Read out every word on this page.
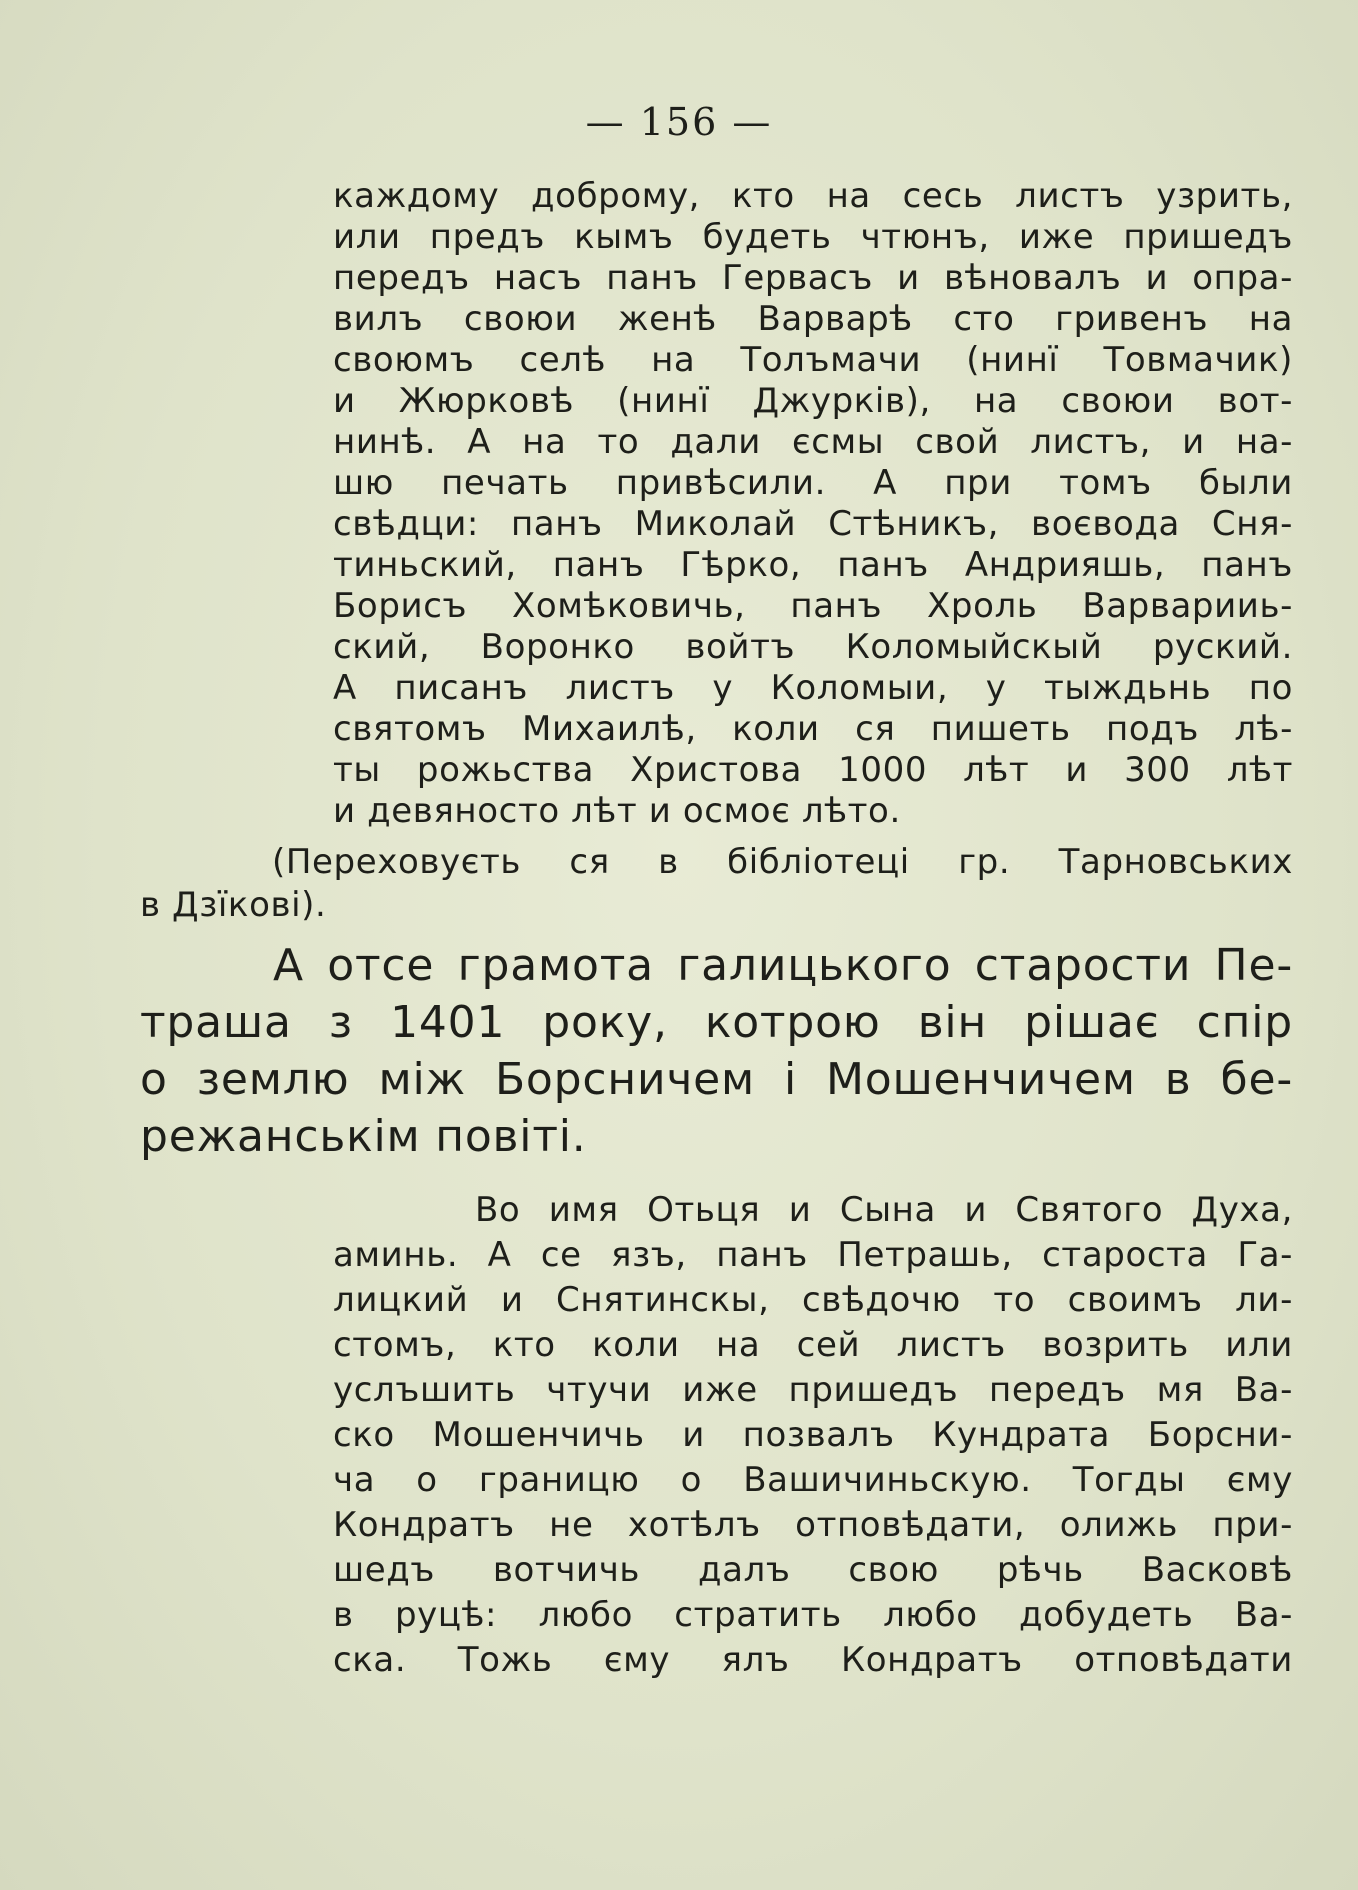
— 156 —
каждому доброму, кто на сесь листъ узрить,
или предъ кымъ будеть чтюнъ, иже пришедъ
передъ насъ панъ Гервасъ и вѣновалъ и опра-
вилъ своюи женѣ Варварѣ сто гривенъ на
своюмъ селѣ на Толъмачи (нинї Товмачик)
и Жюрковѣ (нинї Джурків), на своюи вот-
нинѣ. А на то дали єсмы свой листъ, и на-
шю печать привѣсили. А при томъ были
свѣдци: панъ Миколай Стѣникъ, воєвода Сня-
тиньский, панъ Гѣрко, панъ Андрияшь, панъ
Борисъ Хомѣковичь, панъ Хроль Варварииь-
ский, Воронко войтъ Коломыйскый руский.
А писанъ листъ у Коломыи, у тыждьнь по
святомъ Михаилѣ, коли ся пишеть подъ лѣ-
ты рожьства Христова 1000 лѣт и 300 лѣт
и девяносто лѣт и осмоє лѣто.
(Переховуєть ся в бібліотеці гр. Тарновських
в Дзїкові).
А отсе грамота галицького старости Пе-
траша з 1401 року, котрою він рішає спір
о землю між Борсничем і Мошенчичем в бе-
режанськім повіті.
Во имя Отьця и Сына и Святого Духа,
аминь. А се язъ, панъ Петрашь, староста Га-
лицкий и Снятинскы, свѣдочю то своимъ ли-
стомъ, кто коли на сей листъ возрить или
услъшить чтучи иже пришедъ передъ мя Ва-
ско Мошенчичь и позвалъ Кундрата Борсни-
ча о границю о Вашичиньскую. Тогды єму
Кондратъ не хотѣлъ отповѣдати, олижь при-
шедъ вотчичь далъ свою рѣчь Васковѣ
в руцѣ: любо стратить любо добудеть Ва-
ска. Тожь єму ялъ Кондратъ отповѣдати
